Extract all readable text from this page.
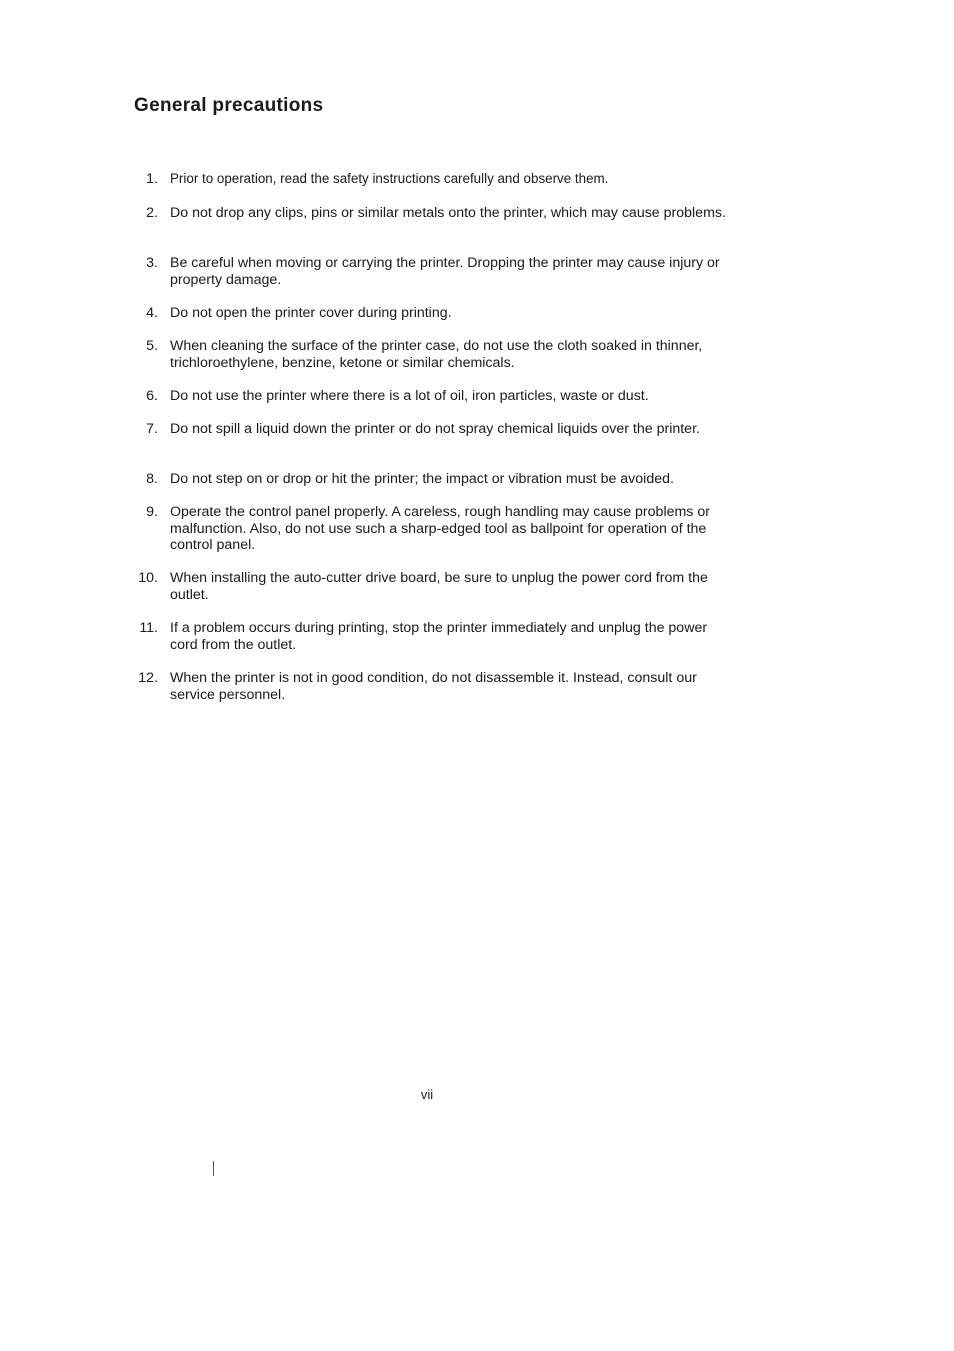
General precautions
1. Prior to operation, read the safety instructions carefully and observe them.
2. Do not drop any clips, pins or similar metals onto the printer, which may cause problems.
3. Be careful when moving or carrying the printer. Dropping the printer may cause injury or property damage.
4. Do not open the printer cover during printing.
5. When cleaning the surface of the printer case, do not use the cloth soaked in thinner, trichloroethylene, benzine, ketone or similar chemicals.
6. Do not use the printer where there is a lot of oil, iron particles, waste or dust.
7. Do not spill a liquid down the printer or do not spray chemical liquids over the printer.
8. Do not step on or drop or hit the printer; the impact or vibration must be avoided.
9. Operate the control panel properly. A careless, rough handling may cause problems or malfunction. Also, do not use such a sharp-edged tool as ballpoint for operation of the control panel.
10. When installing the auto-cutter drive board, be sure to unplug the power cord from the outlet.
11. If a problem occurs during printing, stop the printer immediately and unplug the power cord from the outlet.
12. When the printer is not in good condition, do not disassemble it. Instead, consult our service personnel.
vii
